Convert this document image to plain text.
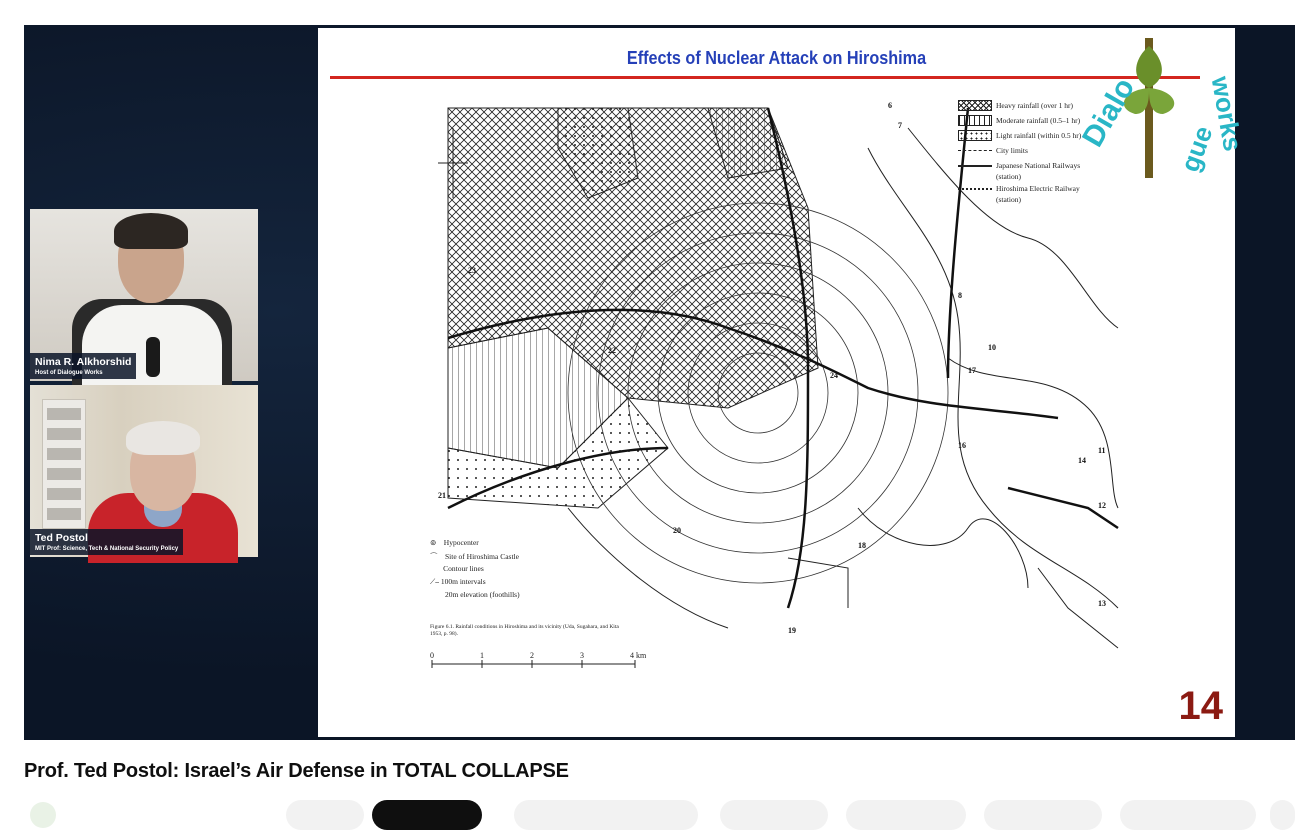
Nima R. Alkhorshid
Host of Dialogue Works
Ted Postol
MIT Prof: Science, Tech & National Security Policy
Effects of Nuclear Attack on Hiroshima
23
22
24
17
10
8
6
7
11
14
12
13
16
18
19
20
21
Heavy rainfall (over 1 hr)
Moderate rainfall (0.5–1 hr)
Light rainfall (within 0.5 hr)
City limits
Japanese National Railways
(station)
Hiroshima Electric Railway
(station)
⊚ Hypocenter
⌒ Site of Hiroshima Castle
Contour lines
⟋⎯ 100m intervals
20m elevation (foothills)
Figure 6.1. Rainfall conditions in Hiroshima and its vicinity (Uda, Sugahara, and Kita 1953, p. 98).
0	1	2	3	4 km
14
Dialo gue
works
Prof. Ted Postol: Israel’s Air Defense in TOTAL COLLAPSE
